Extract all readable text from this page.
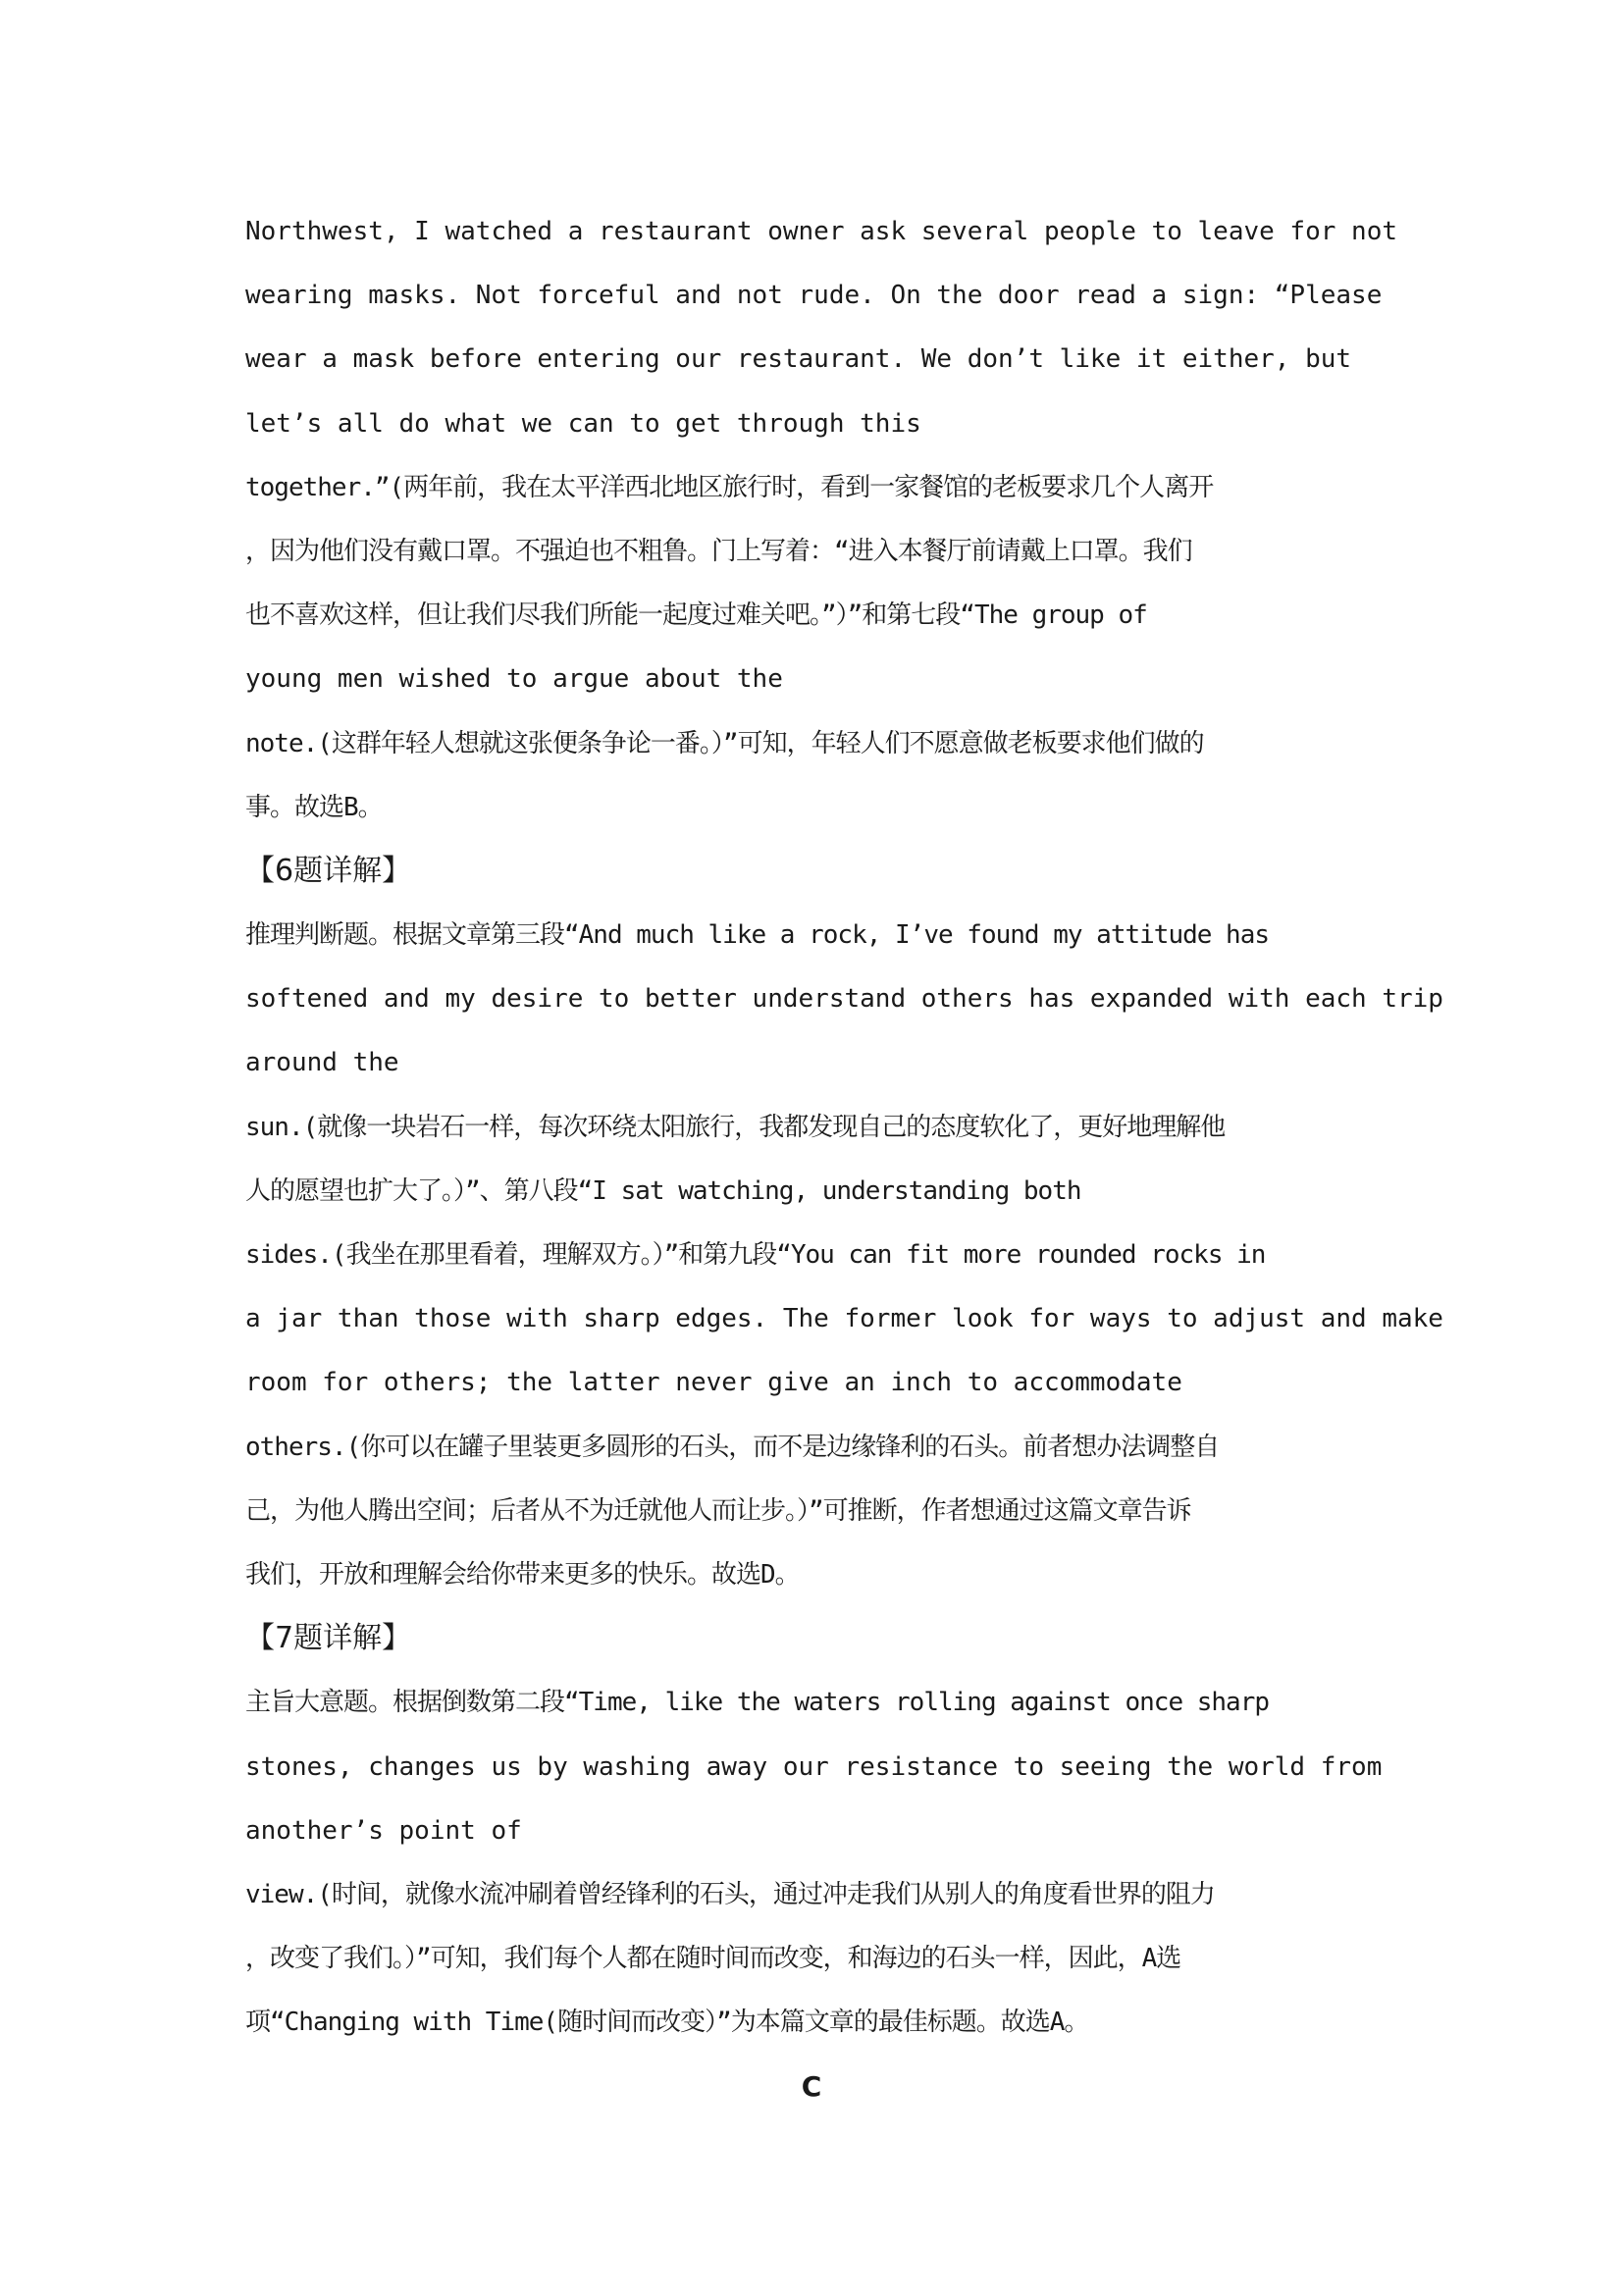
Northwest, I watched a restaurant owner ask several people to leave for not
wearing masks. Not forceful and not rude. On the door read a sign: “Please
wear a mask before entering our restaurant. We don’t like it either, but
let’s all do what we can to get through this
together.”(两年前，我在太平洋西北地区旅行时，看到一家餐馆的老板要求几个人离开
，因为他们没有戴口罩。不强迫也不粗鲁。门上写着：“进入本餐厅前请戴上口罩。我们
也不喜欢这样，但让我们尽我们所能一起度过难关吧。”）”和第七段“The group of
young men wished to argue about the
note.(这群年轻人想就这张便条争论一番。）”可知，年轻人们不愿意做老板要求他们做的
事。故选B。
【6题详解】
推理判断题。根据文章第三段“And much like a rock, I’ve found my attitude has
softened and my desire to better understand others has expanded with each trip
around the
sun.(就像一块岩石一样，每次环绕太阳旅行，我都发现自己的态度软化了，更好地理解他
人的愿望也扩大了。）”、第八段“I sat watching, understanding both
sides.(我坐在那里看着，理解双方。）”和第九段“You can fit more rounded rocks in
a jar than those with sharp edges. The former look for ways to adjust and make
room for others; the latter never give an inch to accommodate
others.(你可以在罐子里装更多圆形的石头，而不是边缘锋利的石头。前者想办法调整自
己，为他人腾出空间；后者从不为迁就他人而让步。）”可推断，作者想通过这篇文章告诉
我们，开放和理解会给你带来更多的快乐。故选D。
【7题详解】
主旨大意题。根据倒数第二段“Time, like the waters rolling against once sharp
stones, changes us by washing away our resistance to seeing the world from
another’s point of
view.(时间，就像水流冲刷着曾经锋利的石头，通过冲走我们从别人的角度看世界的阻力
，改变了我们。）”可知，我们每个人都在随时间而改变，和海边的石头一样，因此，A选
项“Changing with Time(随时间而改变）”为本篇文章的最佳标题。故选A。
C
